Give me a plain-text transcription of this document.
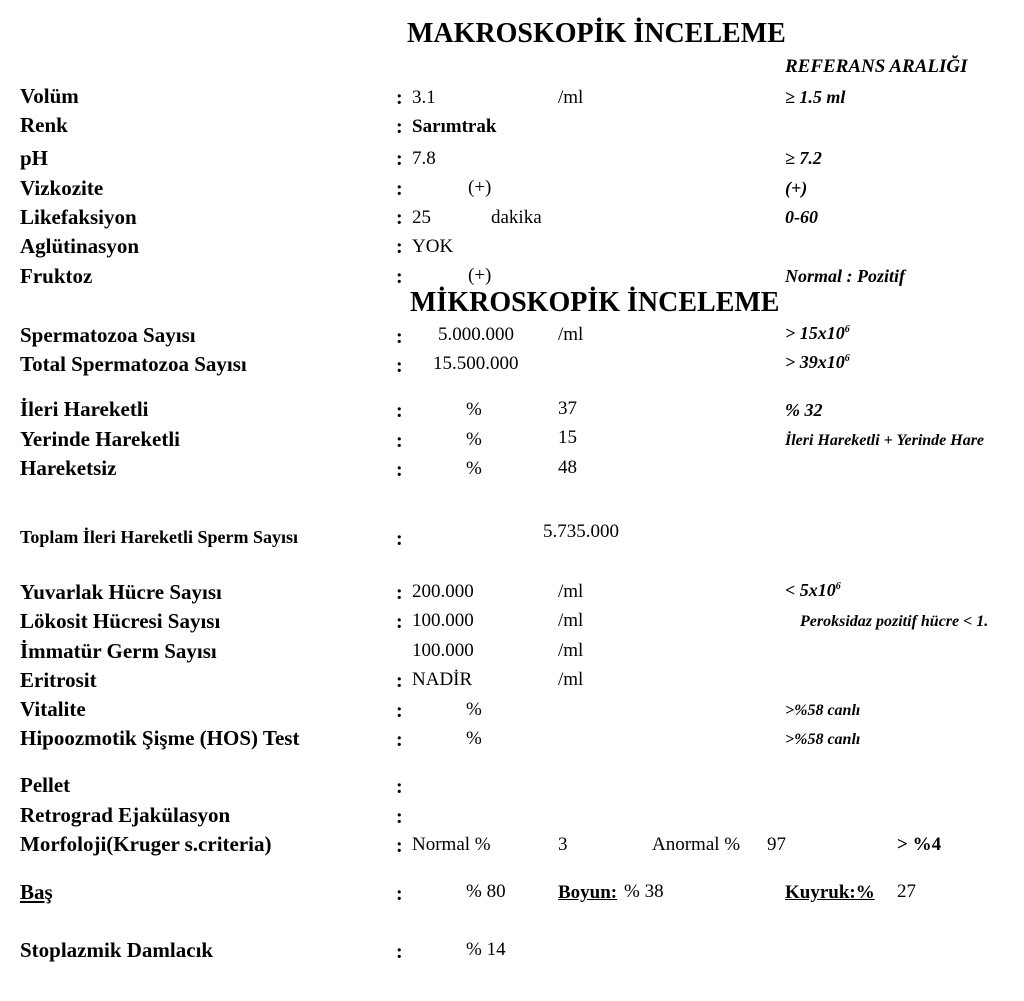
MAKROSKOPİK İNCELEME
REFERANS ARALIĞI
Volüm	: 3.1	/ml	≥ 1.5 ml
Renk	: Sarımtrak
pH	: 7.8	≥ 7.2
Vizkozite	:	(+)	(+)
Likefaksiyon	: 25	dakika	0-60
Aglütinasyon	: YOK
Fruktoz	:	(+)	Normal : Pozitif
MİKROSKOPİK İNCELEME
Spermatozoa Sayısı	: 5.000.000 /ml	> $15x10^6$
Total Spermatozoa Sayısı	: 15.500.000	> $39x10^6$
İleri Hareketli	:	%	37	% 32
Yerinde Hareketli	:	%	15	İleri Hareketli + Yerinde Hare
Hareketsiz	:	%	48
Toplam İleri Hareketli Sperm Sayısı	:	5.735.000
Yuvarlak Hücre Sayısı	: 200.000	/ml	< $5x10^6$
Lökosit Hücresi Sayısı	: 100.000	/ml	Peroksidaz pozitif hücre < 1.
İmmatür Germ Sayısı	100.000	/ml
Eritrosit	: NADİR	/ml
Vitalite	:	%	>%58 canlı
Hipoozmotik Şişme (HOS) Test	:	%	>%58 canlı
Pellet	:
Retrograd Ejakülasyon	:
Morfoloji(Kruger s.criteria)	: Normal %	3	Anormal % 97	> %4
Baş	:	% 80	Boyun: % 38	Kuyruk:% 27
Stoplazmik Damlacık	:	% 14
